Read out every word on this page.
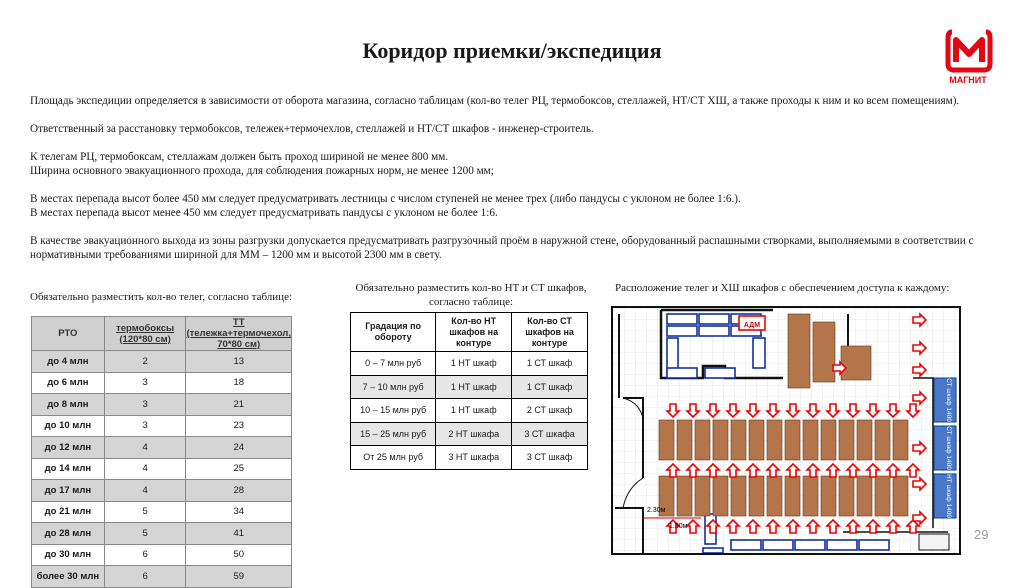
Коридор приемки/экспедиция
МАГНИТ
Площадь экспедиции определяется в зависимости от оборота магазина, согласно таблицам (кол-во телег РЦ, термобоксов, стеллажей, НТ/СТ ХШ, а также проходы к ним и ко всем помещениям).
Ответственный за расстановку термобоксов, тележек+термочехлов, стеллажей и НТ/СТ шкафов - инженер-строитель.
К телегам РЦ, термобоксам, стеллажам должен быть проход шириной не менее 800 мм.
Ширина основного эвакуационного прохода, для соблюдения пожарных норм, не менее 1200 мм;
В местах перепада высот более 450 мм следует предусматривать лестницы с числом ступеней не менее трех (либо пандусы с уклоном не более 1:6.).
В местах перепада высот менее 450 мм следует предусматривать пандусы с уклоном не более 1:6.
В качестве эвакуационного выхода из зоны разгрузки допускается предусматривать разгрузочный проём в наружной стене, оборудованный распашными створками, выполняемыми в соответствии с нормативными требованиями шириной для ММ – 1200 мм и высотой 2300 мм в свету.
Обязательно разместить кол-во телег, согласно таблице:
Обязательно разместить кол-во НТ и СТ шкафов,
согласно таблице:
Расположение телег и ХШ шкафов с обеспечением доступа к каждому:
РТО	термобоксы (120*80 см)	ТТ (тележка+термочехол, 70*80 см)
до 4 млн	2	13
до 6 млн	3	18
до 8 млн	3	21
до 10 млн	3	23
до 12 млн	4	24
до 14 млн	4	25
до 17 млн	4	28
до 21 млн	5	34
до 28 млн	5	41
до 30 млн	6	50
более 30 млн	6	59
Градация по обороту	Кол-во НТ шкафов на контуре	Кол-во СТ шкафов на контуре
0 – 7 млн руб	1 НТ шкаф	1 СТ шкаф
7 – 10 млн руб	1 НТ шкаф	1 СТ шкаф
10 – 15 млн руб	1 НТ шкаф	2 СТ шкаф
15 – 25 млн руб	2 НТ шкафа	3 СТ шкафа
От 25 млн руб	3 НТ шкафа	3 СТ шкаф
АДМ
СТ шкаф 1400
СТ шкаф 1400
НТ шкаф 1400
2.30м
1.50м
29
